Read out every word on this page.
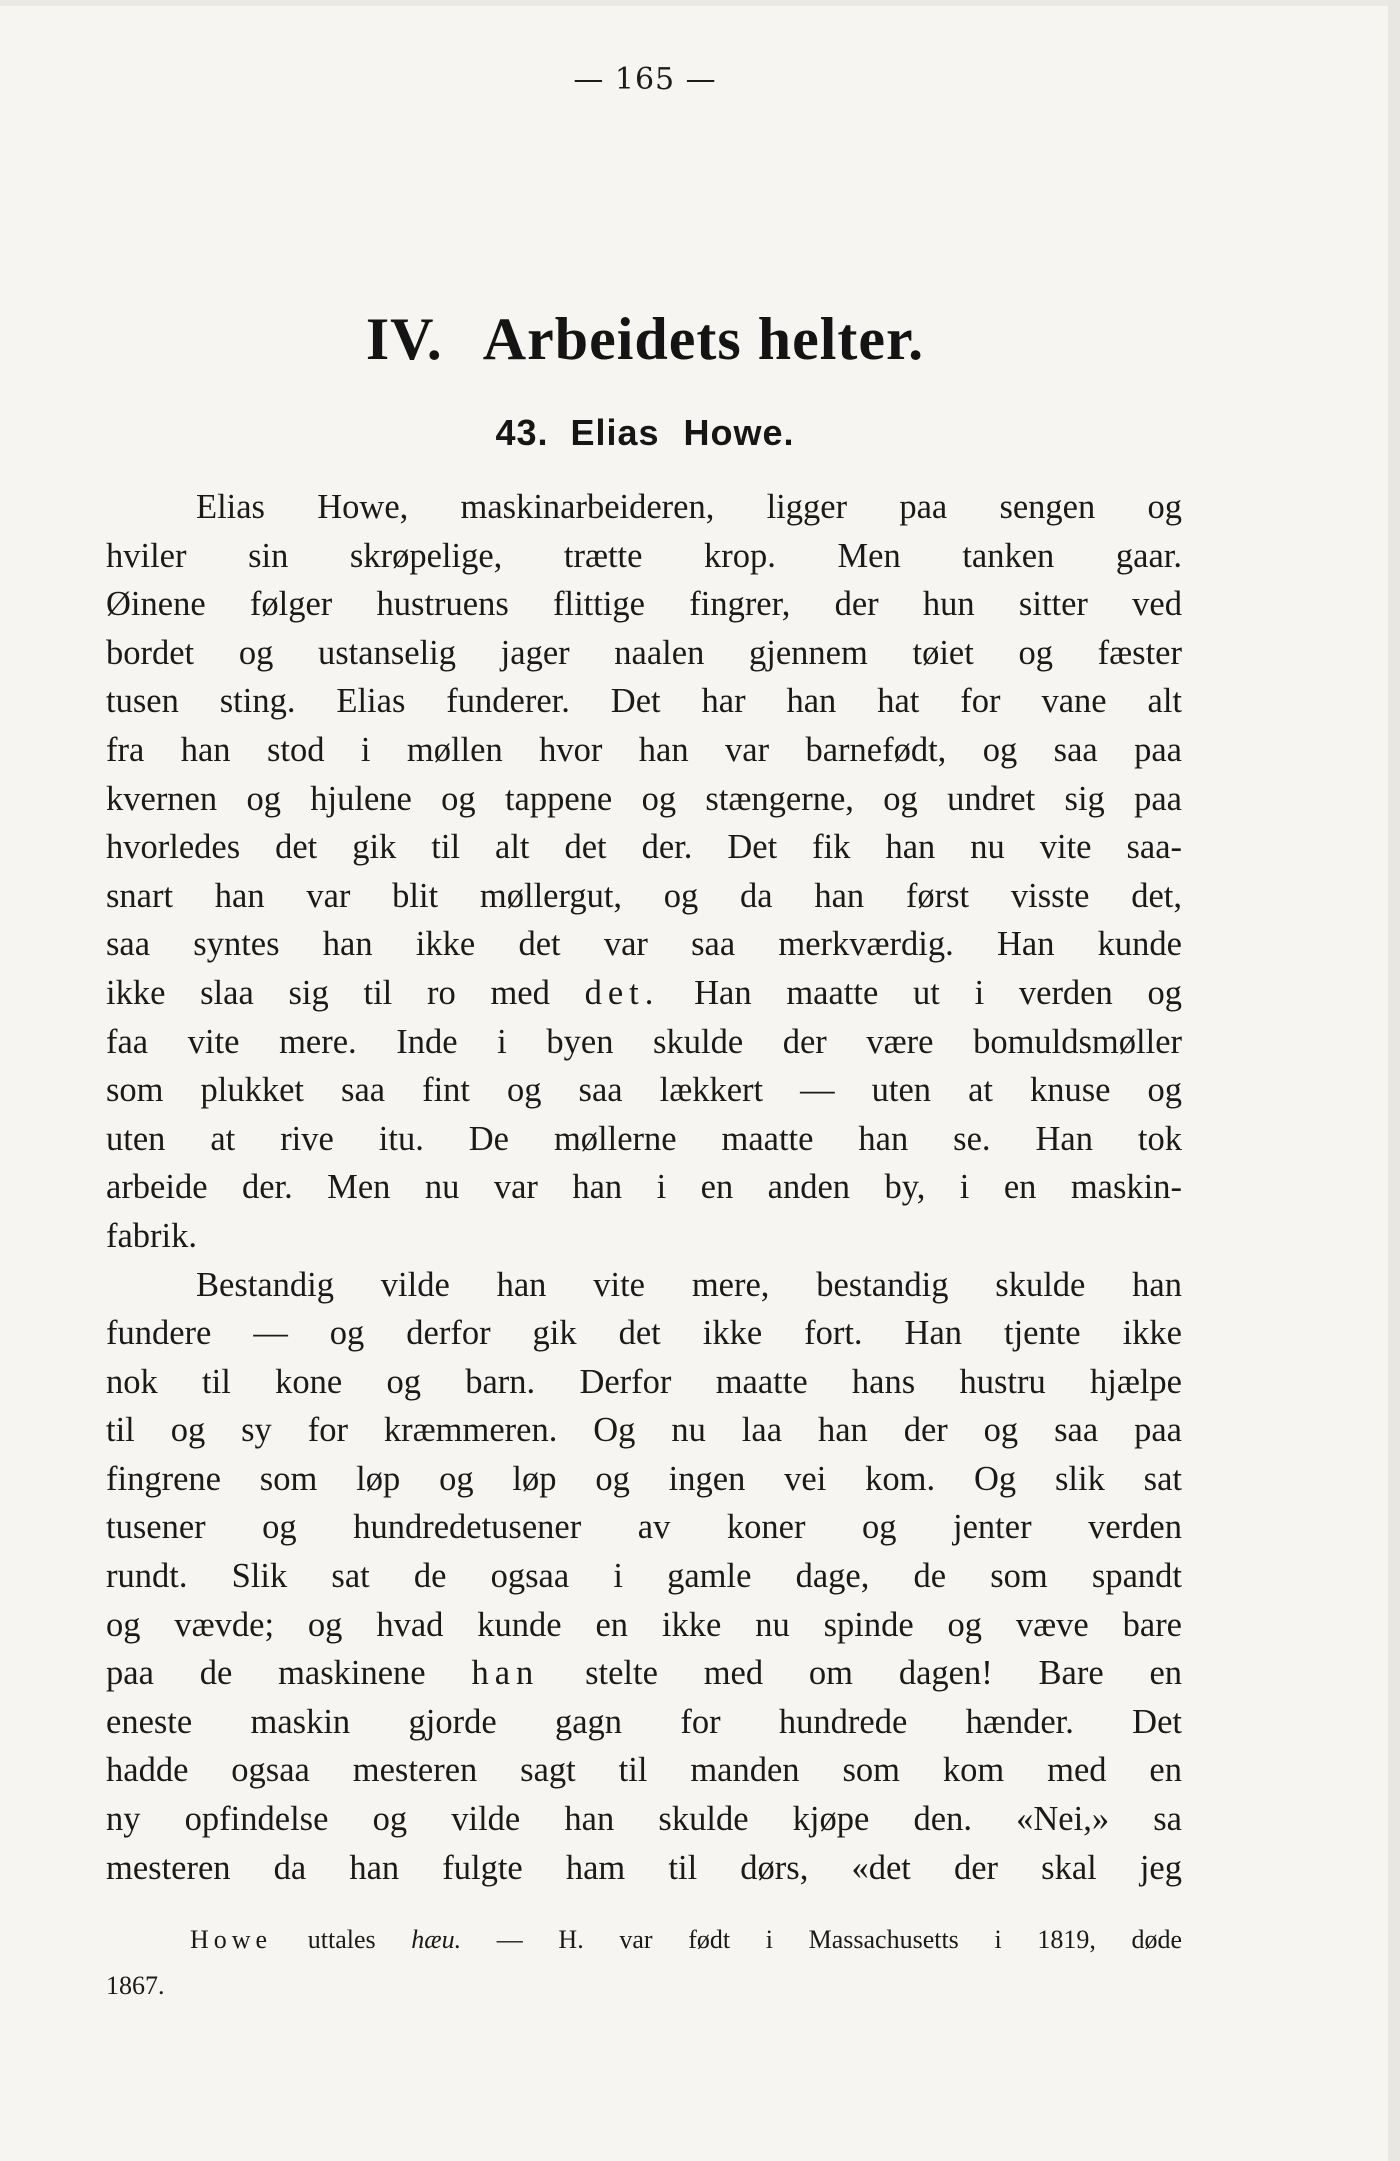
— 165 —
IV. Arbeidets helter.
43. Elias Howe.
Elias Howe, maskinarbeideren, ligger paa sengen og
hviler sin skrøpelige, trætte krop. Men tanken gaar.
Øinene følger hustruens flittige fingrer, der hun sitter ved
bordet og ustanselig jager naalen gjennem tøiet og fæster
tusen sting. Elias funderer. Det har han hat for vane alt
fra han stod i møllen hvor han var barnefødt, og saa paa
kvernen og hjulene og tappene og stængerne, og undret sig paa
hvorledes det gik til alt det der. Det fik han nu vite saa-
snart han var blit møllergut, og da han først visste det,
saa syntes han ikke det var saa merkværdig. Han kunde
ikke slaa sig til ro med det. Han maatte ut i verden og
faa vite mere. Inde i byen skulde der være bomuldsmøller
som plukket saa fint og saa lækkert — uten at knuse og
uten at rive itu. De møllerne maatte han se. Han tok
arbeide der. Men nu var han i en anden by, i en maskin-
fabrik.
Bestandig vilde han vite mere, bestandig skulde han
fundere — og derfor gik det ikke fort. Han tjente ikke
nok til kone og barn. Derfor maatte hans hustru hjælpe
til og sy for kræmmeren. Og nu laa han der og saa paa
fingrene som løp og løp og ingen vei kom. Og slik sat
tusener og hundredetusener av koner og jenter verden
rundt. Slik sat de ogsaa i gamle dage, de som spandt
og vævde; og hvad kunde en ikke nu spinde og væve bare
paa de maskinene han stelte med om dagen! Bare en
eneste maskin gjorde gagn for hundrede hænder. Det
hadde ogsaa mesteren sagt til manden som kom med en
ny opfindelse og vilde han skulde kjøpe den. «Nei,» sa
mesteren da han fulgte ham til dørs, «det der skal jeg
Howe uttales hæu. — H. var født i Massachusetts i 1819, døde
1867.
